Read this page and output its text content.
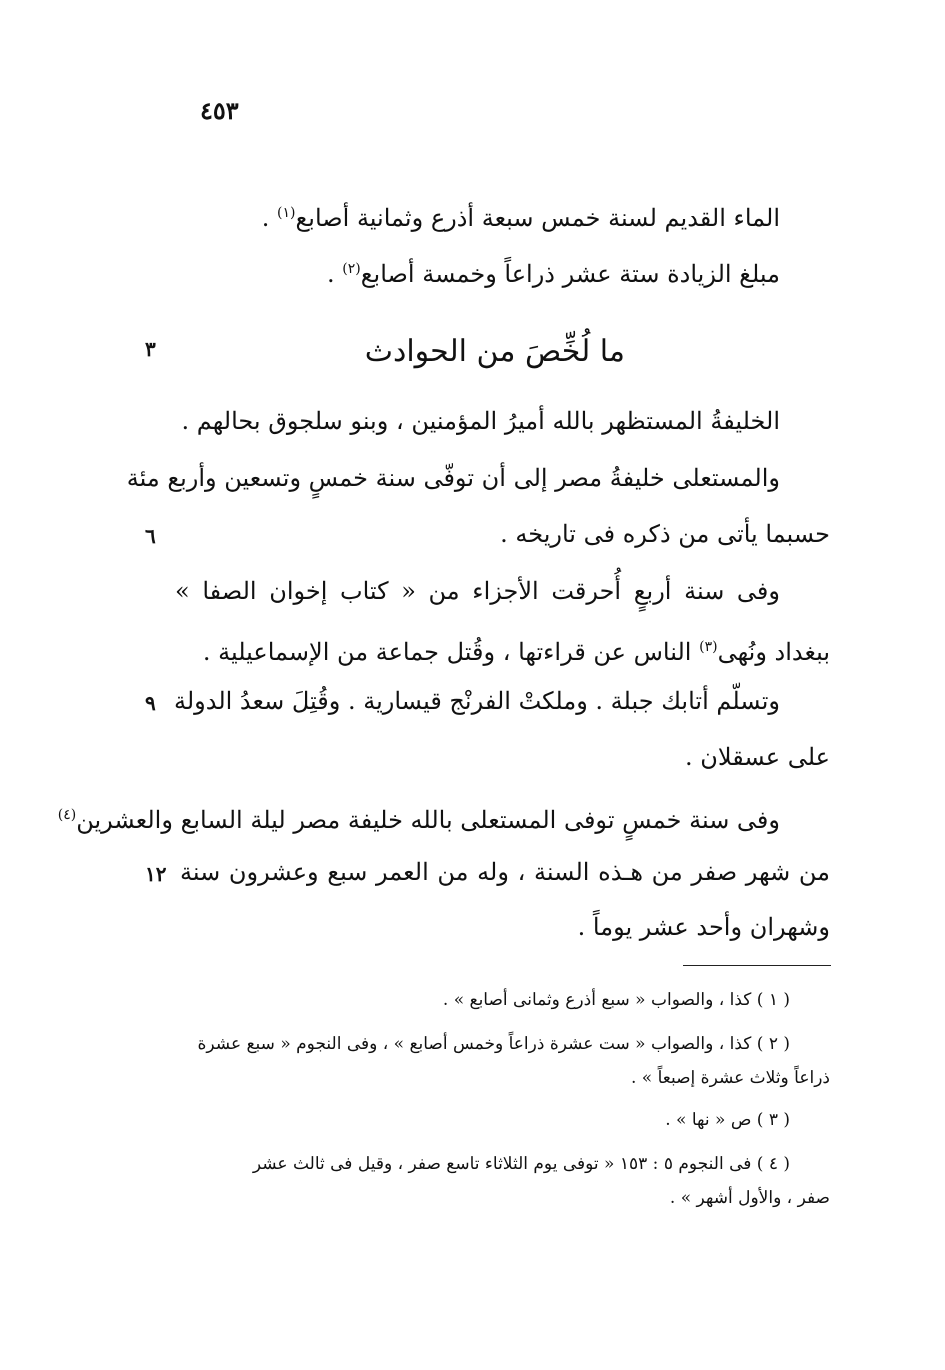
٤٥٣
الماء القديم لسنة خمس سبعة أذرع وثمانية أصابع$^{(١)}$ .
مبلغ الزيادة ستة عشر ذراعاً وخمسة أصابع$^{(٢)}$ .
ما لُخِّصَ من الحوادث
٣
الخليفةُ المستظهر بالله أميرُ المؤمنين ، وبنو سلجوق بحالهم .
والمستعلى خليفةُ مصر إلى أن توفّى سنة خمسٍ وتسعين وأربع مئة
حسبما يأتى من ذكره فى تاريخه .
٦
وفى سنة أربعٍ أُحرقت الأجزاء من « كتاب إخوان الصفا »
ببغداد ونُهى$^{(٣)}$ الناس عن قراءتها ، وقُتل جماعة من الإسماعيلية .
وتسلّم أتابك جبلة . وملكتْ الفرنْج قيسارية . وقُتِلَ سعدُ الدولة
٩
على عسقلان .
وفى سنة خمسٍ توفى المستعلى بالله خليفة مصر ليلة السابع والعشرين$^{(٤)}$
من شهر صفر من هـذه السنة ، وله من العمر سبع وعشرون سنة
١٢
وشهران وأحد عشر يوماً .
( ١ ) كذا ، والصواب « سبع أذرع وثمانى أصابع » .
( ٢ ) كذا ، والصواب « ست عشرة ذراعاً وخمس أصابع » ، وفى النجوم « سبع عشرة
ذراعاً وثلاث عشرة إصبعاً » .
( ٣ ) ص « نها » .
( ٤ ) فى النجوم ٥ : ١٥٣ « توفى يوم الثلاثاء تاسع صفر ، وقيل فى ثالث عشر
صفر ، والأول أشهر » .
